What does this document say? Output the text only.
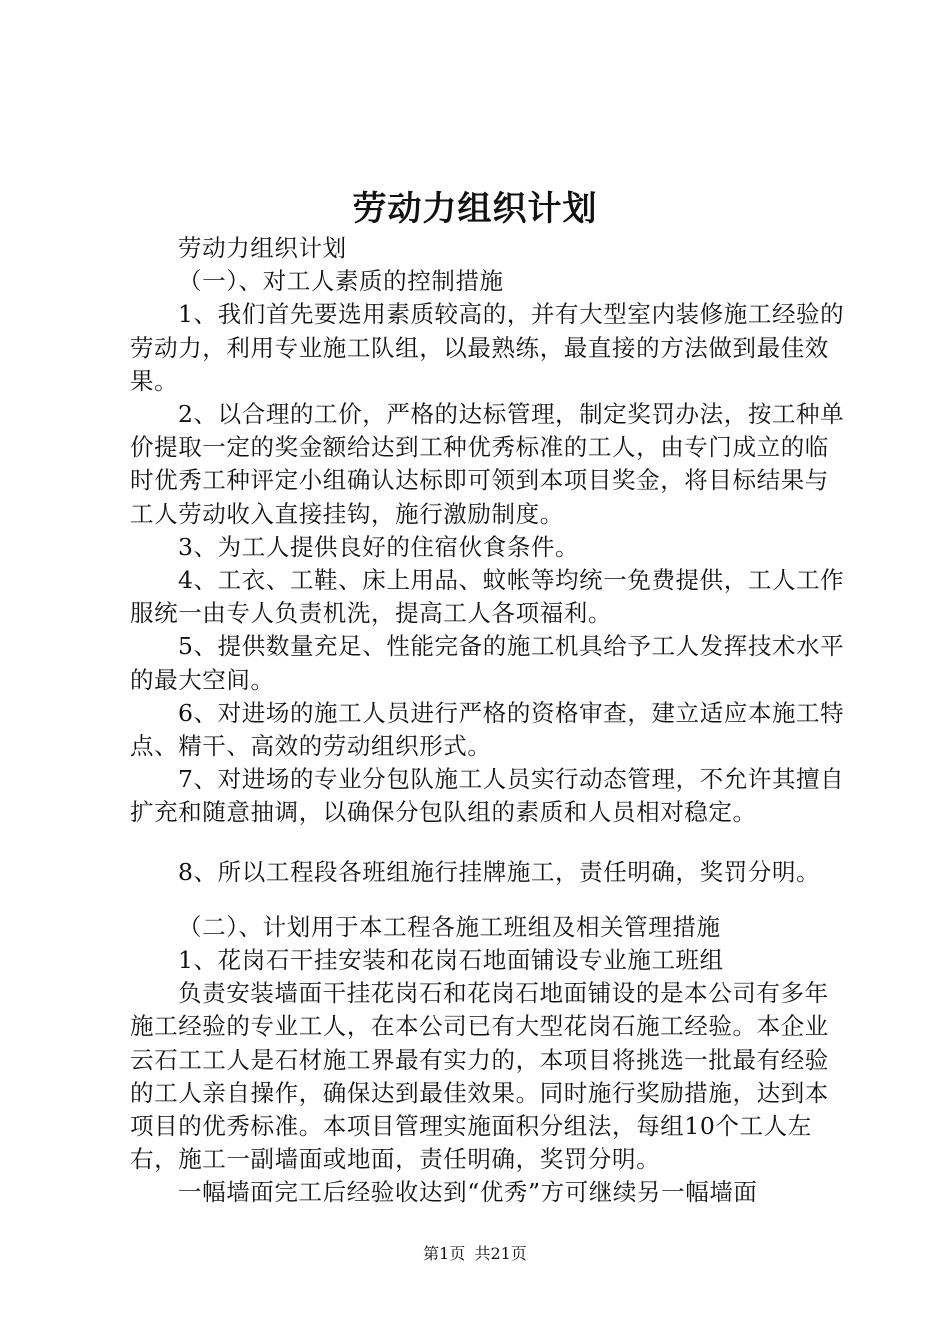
劳动力组织计划

劳动力组织计划

（一）、对工人素质的控制措施

1、我们首先要选用素质较高的，并有大型室内装修施工经验的劳动力，利用专业施工队组，以最熟练，最直接的方法做到最佳效果。

2、以合理的工价，严格的达标管理，制定奖罚办法，按工种单价提取一定的奖金额给达到工种优秀标准的工人，由专门成立的临时优秀工种评定小组确认达标即可领到本项目奖金，将目标结果与工人劳动收入直接挂钩，施行激励制度。

3、为工人提供良好的住宿伙食条件。

4、工衣、工鞋、床上用品、蚊帐等均统一免费提供，工人工作服统一由专人负责机洗，提高工人各项福利。

5、提供数量充足、性能完备的施工机具给予工人发挥技术水平的最大空间。

6、对进场的施工人员进行严格的资格审查，建立适应本施工特点、精干、高效的劳动组织形式。

7、对进场的专业分包队施工人员实行动态管理，不允许其擅自扩充和随意抽调，以确保分包队组的素质和人员相对稳定。

8、所以工程段各班组施行挂牌施工，责任明确，奖罚分明。

（二）、计划用于本工程各施工班组及相关管理措施

1、花岗石干挂安装和花岗石地面铺设专业施工班组

负责安装墙面干挂花岗石和花岗石地面铺设的是本公司有多年施工经验的专业工人，在本公司已有大型花岗石施工经验。本企业云石工工人是石材施工界最有实力的，本项目将挑选一批最有经验的工人亲自操作，确保达到最佳效果。同时施行奖励措施，达到本项目的优秀标准。本项目管理实施面积分组法，每组10个工人左右，施工一副墙面或地面，责任明确，奖罚分明。

一幅墙面完工后经验收达到“优秀”方可继续另一幅墙面

第1页 共21页
